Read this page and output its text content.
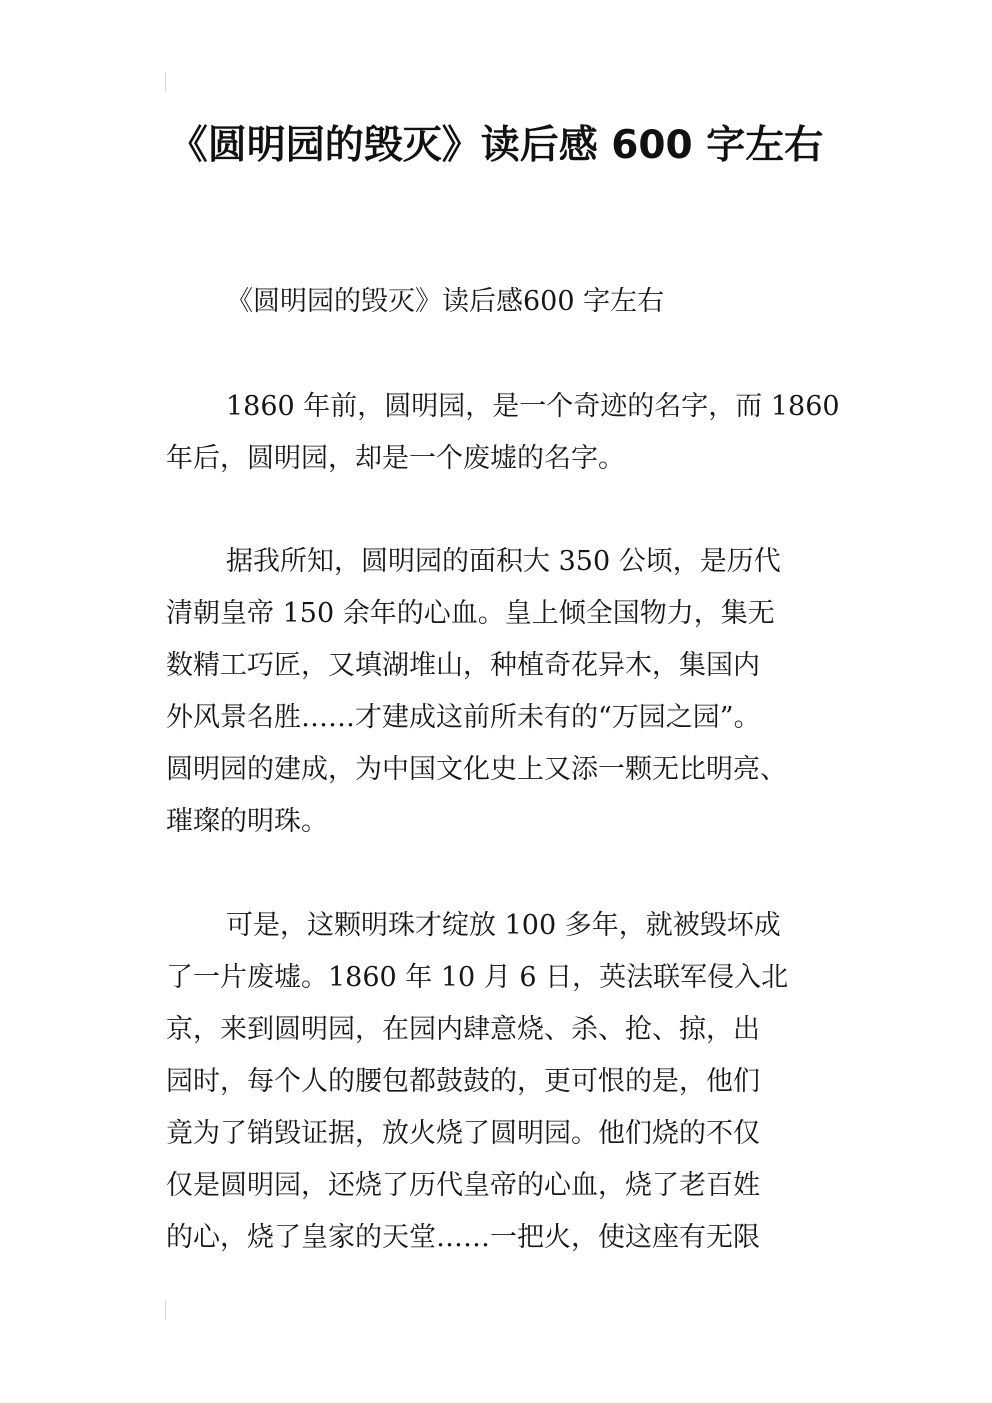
《圆明园的毁灭》读后感 600 字左右

《圆明园的毁灭》读后感600 字左右

1860 年前，圆明园，是一个奇迹的名字，而 1860

年后，圆明园，却是一个废墟的名字。

据我所知，圆明园的面积大 350 公顷，是历代

清朝皇帝 150 余年的心血。皇上倾全国物力，集无

数精工巧匠，又填湖堆山，种植奇花异木，集国内

外风景名胜……才建成这前所未有的“万园之园”。

圆明园的建成，为中国文化史上又添一颗无比明亮、

璀璨的明珠。

可是，这颗明珠才绽放 100 多年，就被毁坏成

了一片废墟。1860 年 10 月 6 日，英法联军侵入北

京，来到圆明园，在园内肆意烧、杀、抢、掠，出

园时，每个人的腰包都鼓鼓的，更可恨的是，他们

竟为了销毁证据，放火烧了圆明园。他们烧的不仅

仅是圆明园，还烧了历代皇帝的心血，烧了老百姓

的心，烧了皇家的天堂……一把火，使这座有无限
